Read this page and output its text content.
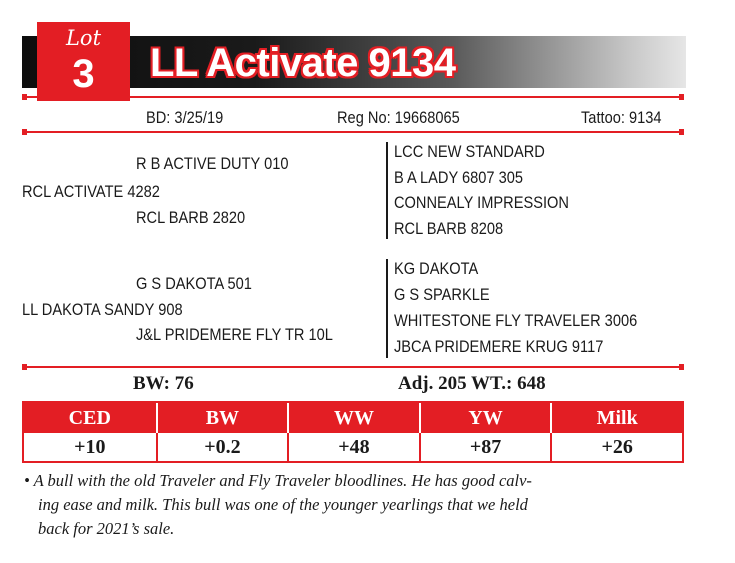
LL Activate 9134
Lot
3
BD: 3/25/19	Reg No: 19668065	Tattoo: 9134
R B ACTIVE DUTY 010
RCL ACTIVATE 4282
RCL BARB 2820
LCC NEW STANDARD
B A LADY 6807 305
CONNEALY IMPRESSION
RCL BARB 8208
G S DAKOTA 501
LL DAKOTA SANDY 908
J&L PRIDEMERE FLY TR 10L
KG DAKOTA
G S SPARKLE
WHITESTONE FLY TRAVELER 3006
JBCA PRIDEMERE KRUG 9117
BW: 76	Adj. 205 WT.: 648
CED	BW	WW	YW	Milk
+10	+0.2	+48	+87	+26
• A bull with the old Traveler and Fly Traveler bloodlines. He has good calv-
ing ease and milk. This bull was one of the younger yearlings that we held
back for 2021’s sale.
